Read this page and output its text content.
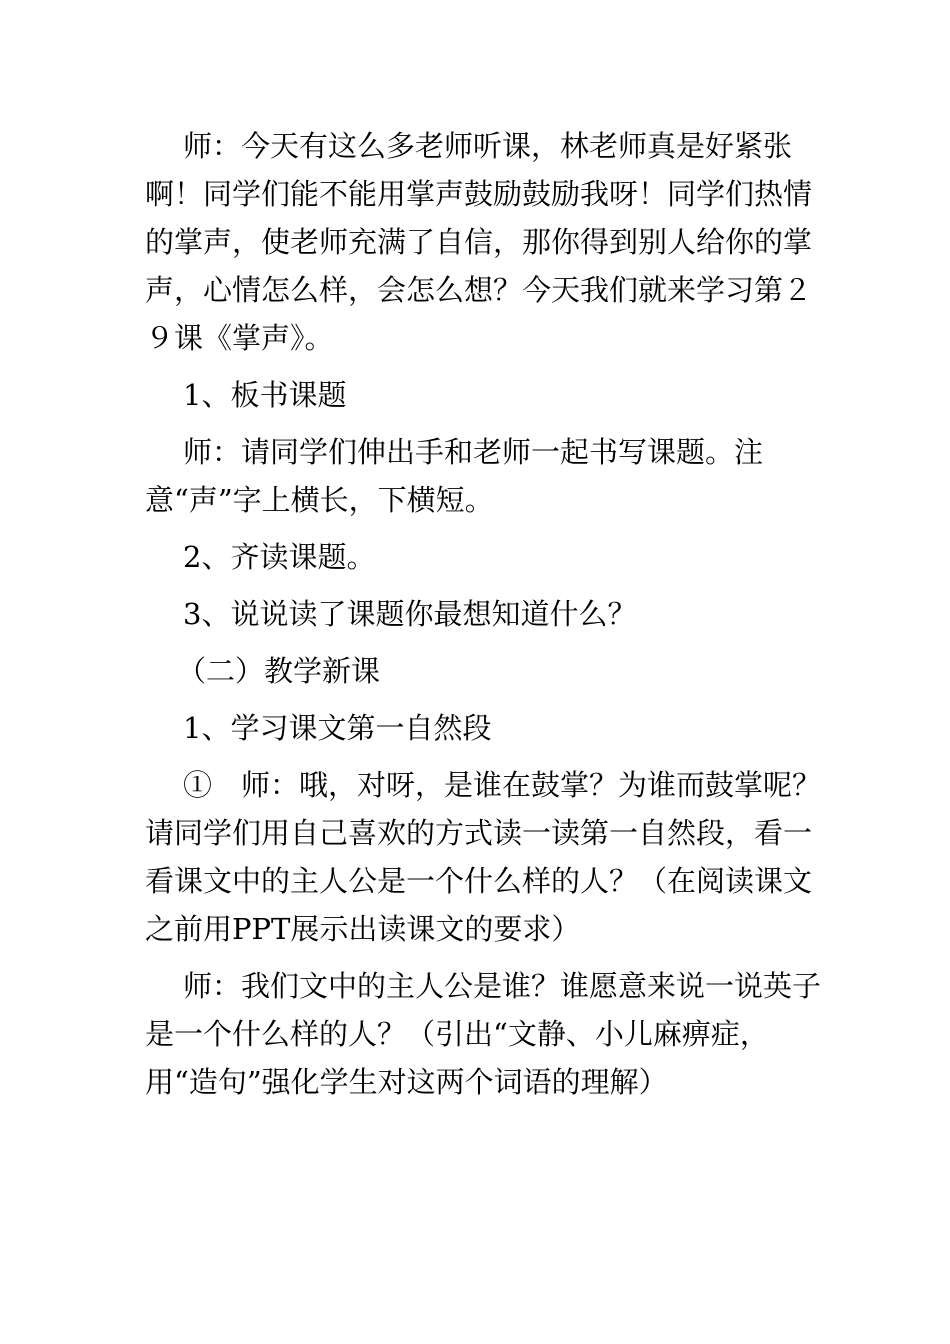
师：今天有这么多老师听课，林老师真是好紧张啊！同学们能不能用掌声鼓励鼓励我呀！同学们热情的掌声，使老师充满了自信，那你得到别人给你的掌声，心情怎么样，会怎么想？今天我们就来学习第２９课《掌声》。

1、板书课题

师：请同学们伸出手和老师一起书写课题。注意“声”字上横长，下横短。

2、齐读课题。

3、说说读了课题你最想知道什么？

（二）教学新课

1、学习课文第一自然段

①　师：哦，对呀，是谁在鼓掌？为谁而鼓掌呢？请同学们用自己喜欢的方式读一读第一自然段，看一看课文中的主人公是一个什么样的人？（在阅读课文之前用PPT展示出读课文的要求）

师：我们文中的主人公是谁？谁愿意来说一说英子是一个什么样的人？（引出“文静、小儿麻痹症，用“造句”强化学生对这两个词语的理解）
